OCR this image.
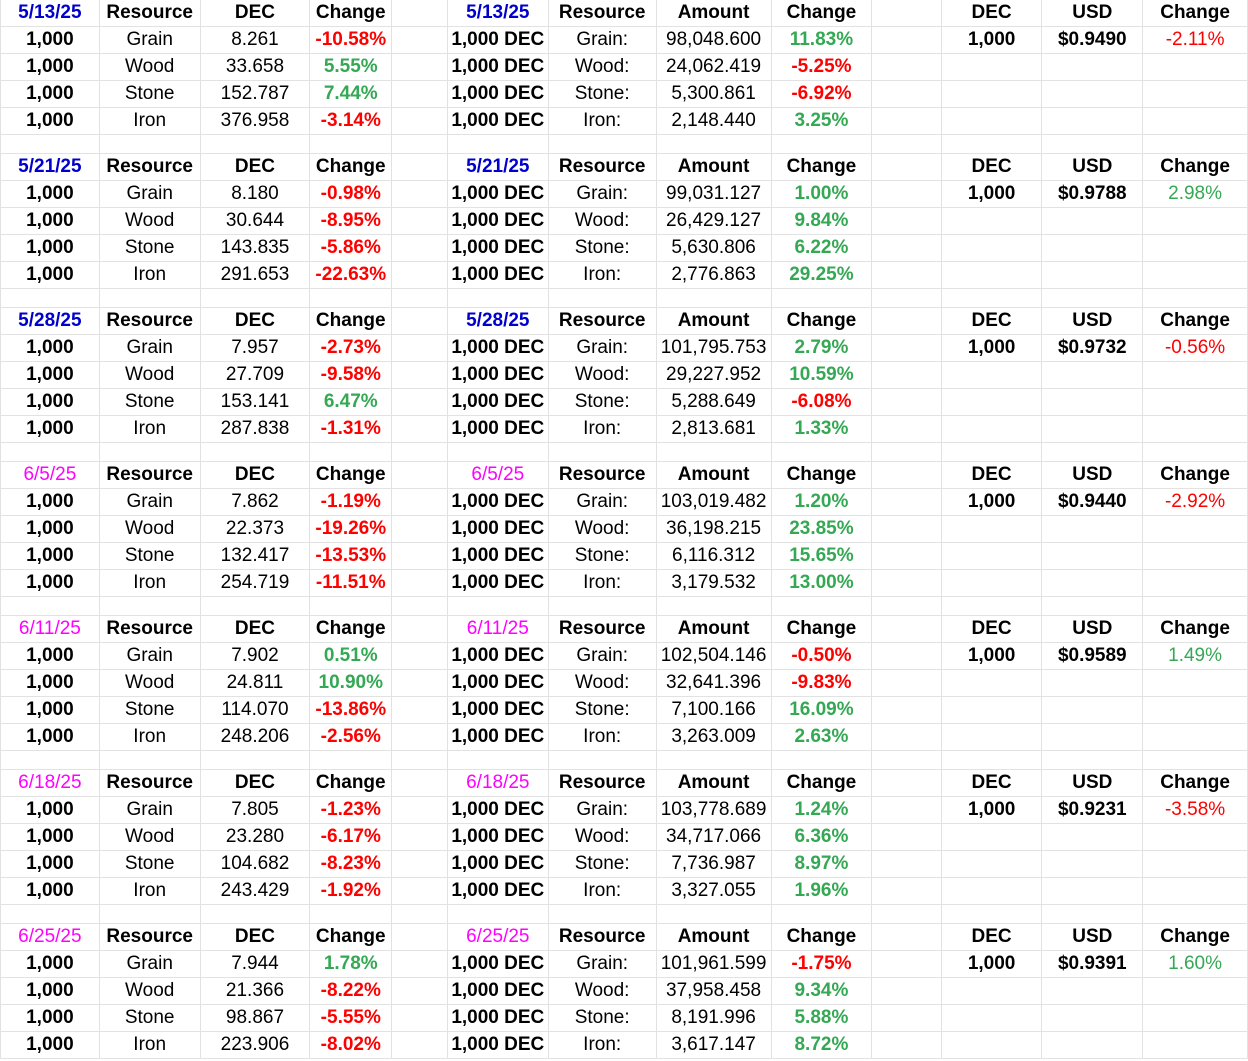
5/13/25	Resource	DEC	Change		5/13/25	Resource	Amount	Change		DEC	USD	Change
1,000	Grain	8.261	-10.58%		1,000 DEC	Grain:	98,048.600	11.83%		1,000	$0.9490	-2.11%
1,000	Wood	33.658	5.55%		1,000 DEC	Wood:	24,062.419	-5.25%				
1,000	Stone	152.787	7.44%		1,000 DEC	Stone:	5,300.861	-6.92%				
1,000	Iron	376.958	-3.14%		1,000 DEC	Iron:	2,148.440	3.25%				

5/21/25	Resource	DEC	Change		5/21/25	Resource	Amount	Change		DEC	USD	Change
1,000	Grain	8.180	-0.98%		1,000 DEC	Grain:	99,031.127	1.00%		1,000	$0.9788	2.98%
1,000	Wood	30.644	-8.95%		1,000 DEC	Wood:	26,429.127	9.84%				
1,000	Stone	143.835	-5.86%		1,000 DEC	Stone:	5,630.806	6.22%				
1,000	Iron	291.653	-22.63%		1,000 DEC	Iron:	2,776.863	29.25%				

5/28/25	Resource	DEC	Change		5/28/25	Resource	Amount	Change		DEC	USD	Change
1,000	Grain	7.957	-2.73%		1,000 DEC	Grain:	101,795.753	2.79%		1,000	$0.9732	-0.56%
1,000	Wood	27.709	-9.58%		1,000 DEC	Wood:	29,227.952	10.59%				
1,000	Stone	153.141	6.47%		1,000 DEC	Stone:	5,288.649	-6.08%				
1,000	Iron	287.838	-1.31%		1,000 DEC	Iron:	2,813.681	1.33%				

6/5/25	Resource	DEC	Change		6/5/25	Resource	Amount	Change		DEC	USD	Change
1,000	Grain	7.862	-1.19%		1,000 DEC	Grain:	103,019.482	1.20%		1,000	$0.9440	-2.92%
1,000	Wood	22.373	-19.26%		1,000 DEC	Wood:	36,198.215	23.85%				
1,000	Stone	132.417	-13.53%		1,000 DEC	Stone:	6,116.312	15.65%				
1,000	Iron	254.719	-11.51%		1,000 DEC	Iron:	3,179.532	13.00%				

6/11/25	Resource	DEC	Change		6/11/25	Resource	Amount	Change		DEC	USD	Change
1,000	Grain	7.902	0.51%		1,000 DEC	Grain:	102,504.146	-0.50%		1,000	$0.9589	1.49%
1,000	Wood	24.811	10.90%		1,000 DEC	Wood:	32,641.396	-9.83%				
1,000	Stone	114.070	-13.86%		1,000 DEC	Stone:	7,100.166	16.09%				
1,000	Iron	248.206	-2.56%		1,000 DEC	Iron:	3,263.009	2.63%				

6/18/25	Resource	DEC	Change		6/18/25	Resource	Amount	Change		DEC	USD	Change
1,000	Grain	7.805	-1.23%		1,000 DEC	Grain:	103,778.689	1.24%		1,000	$0.9231	-3.58%
1,000	Wood	23.280	-6.17%		1,000 DEC	Wood:	34,717.066	6.36%				
1,000	Stone	104.682	-8.23%		1,000 DEC	Stone:	7,736.987	8.97%				
1,000	Iron	243.429	-1.92%		1,000 DEC	Iron:	3,327.055	1.96%				

6/25/25	Resource	DEC	Change		6/25/25	Resource	Amount	Change		DEC	USD	Change
1,000	Grain	7.944	1.78%		1,000 DEC	Grain:	101,961.599	-1.75%		1,000	$0.9391	1.60%
1,000	Wood	21.366	-8.22%		1,000 DEC	Wood:	37,958.458	9.34%				
1,000	Stone	98.867	-5.55%		1,000 DEC	Stone:	8,191.996	5.88%				
1,000	Iron	223.906	-8.02%		1,000 DEC	Iron:	3,617.147	8.72%				
